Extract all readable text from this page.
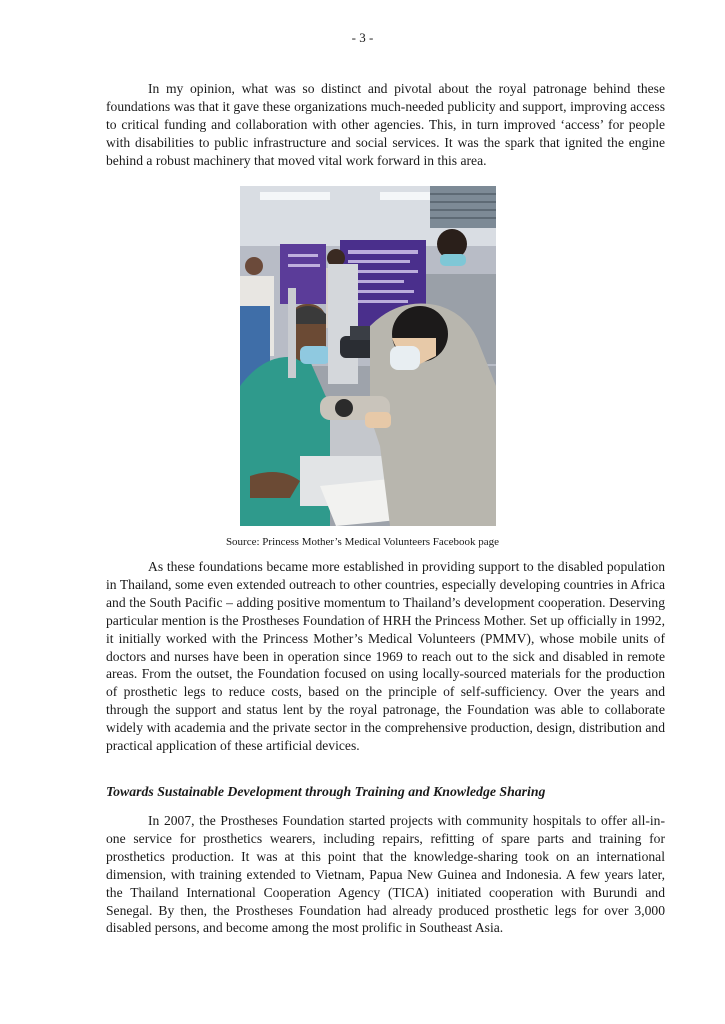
- 3 -

In my opinion, what was so distinct and pivotal about the royal patronage behind these foundations was that it gave these organizations much-needed publicity and support, improving access to critical funding and collaboration with other agencies. This, in turn improved ‘access’ for people with disabilities to public infrastructure and social services. It was the spark that ignited the engine behind a robust machinery that moved vital work forward in this area.

Source: Princess Mother’s Medical Volunteers Facebook page

As these foundations became more established in providing support to the disabled population in Thailand, some even extended outreach to other countries, especially developing countries in Africa and the South Pacific – adding positive momentum to Thailand’s development cooperation. Deserving particular mention is the Prostheses Foundation of HRH the Princess Mother. Set up officially in 1992, it initially worked with the Princess Mother’s Medical Volunteers (PMMV), whose mobile units of doctors and nurses have been in operation since 1969 to reach out to the sick and disabled in remote areas. From the outset, the Foundation focused on using locally-sourced materials for the production of prosthetic legs to reduce costs, based on the principle of self-sufficiency. Over the years and through the support and status lent by the royal patronage, the Foundation was able to collaborate widely with academia and the private sector in the comprehensive production, design, distribution and practical application of these artificial devices.

Towards Sustainable Development through Training and Knowledge Sharing

In 2007, the Prostheses Foundation started projects with community hospitals to offer all-in-one service for prosthetics wearers, including repairs, refitting of spare parts and training for prosthetics production. It was at this point that the knowledge-sharing took on an international dimension, with training extended to Vietnam, Papua New Guinea and Indonesia. A few years later, the Thailand International Cooperation Agency (TICA) initiated cooperation with Burundi and Senegal. By then, the Prostheses Foundation had already produced prosthetic legs for over 3,000 disabled persons, and become among the most prolific in Southeast Asia.
